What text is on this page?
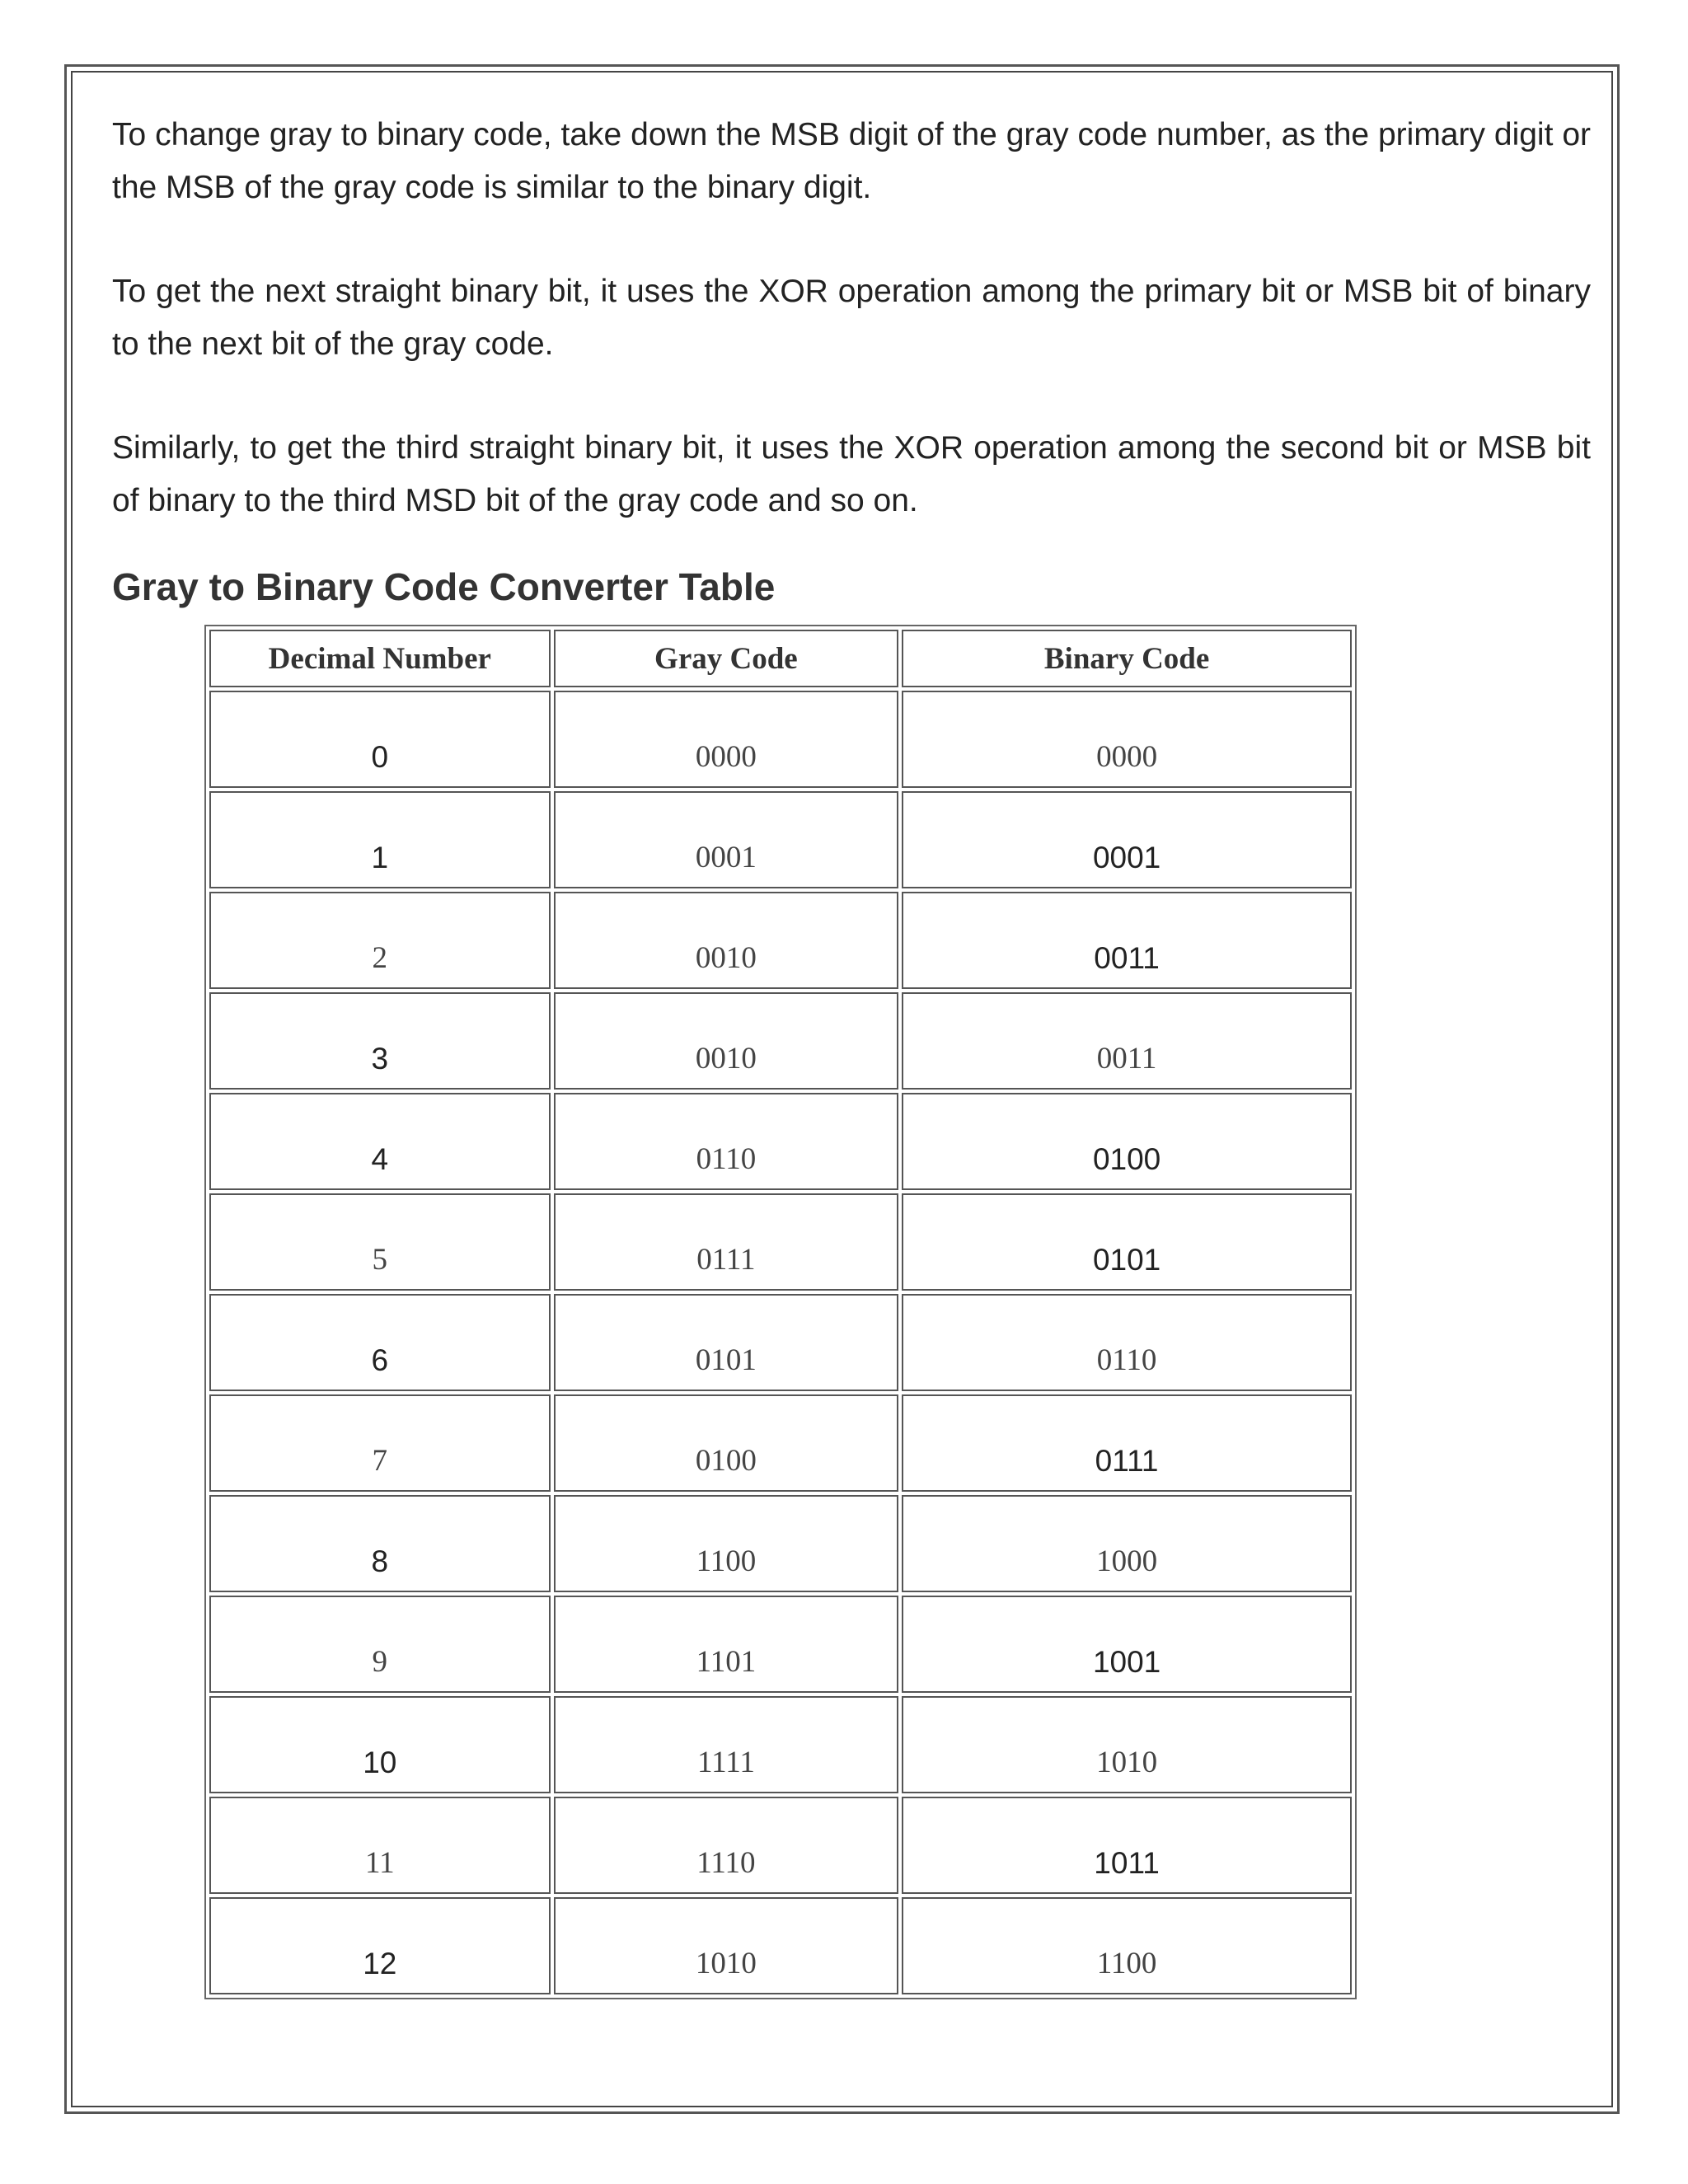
To change gray to binary code, take down the MSB digit of the gray code number, as the primary digit or the MSB of the gray code is similar to the binary digit.

To get the next straight binary bit, it uses the XOR operation among the primary bit or MSB bit of binary to the next bit of the gray code.

Similarly, to get the third straight binary bit, it uses the XOR operation among the second bit or MSB bit of binary to the third MSD bit of the gray code and so on.

Gray to Binary Code Converter Table
Decimal Number	Gray Code	Binary Code
0	0000	0000
1	0001	0001
2	0010	0011
3	0010	0011
4	0110	0100
5	0111	0101
6	0101	0110
7	0100	0111
8	1100	1000
9	1101	1001
10	1111	1010
11	1110	1011
12	1010	1100
